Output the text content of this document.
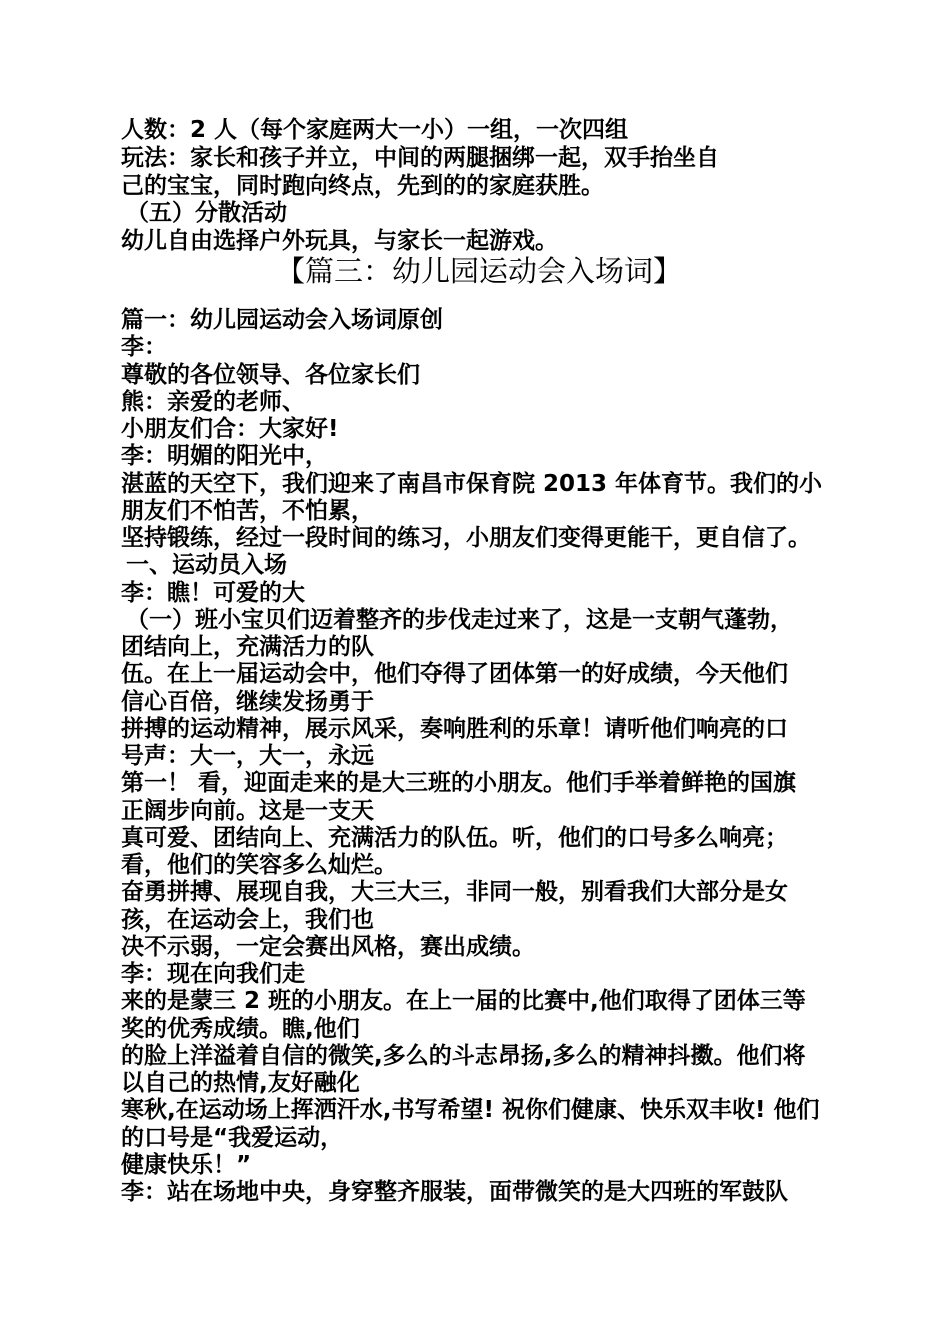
人数：2 人（每个家庭两大一小）一组，一次四组
玩法：家长和孩子并立，中间的两腿捆绑一起，双手抬坐自
己的宝宝，同时跑向终点，先到的的家庭获胜。
（五）分散活动
幼儿自由选择户外玩具，与家长一起游戏。
【篇三：幼儿园运动会入场词】
篇一：幼儿园运动会入场词原创
李：
尊敬的各位领导、各位家长们
熊：亲爱的老师、
小朋友们合：大家好!
李：明媚的阳光中，
湛蓝的天空下，我们迎来了南昌市保育院 2013 年体育节。我们的小
朋友们不怕苦，不怕累，
坚持锻练，经过一段时间的练习，小朋友们变得更能干，更自信了。
一、运动员入场
李：瞧！可爱的大
（一）班小宝贝们迈着整齐的步伐走过来了，这是一支朝气蓬勃，
团结向上，充满活力的队
伍。在上一届运动会中，他们夺得了团体第一的好成绩，今天他们
信心百倍，继续发扬勇于
拼搏的运动精神，展示风采，奏响胜利的乐章！请听他们响亮的口
号声：大一，大一，永远
第一！ 看，迎面走来的是大三班的小朋友。他们手举着鲜艳的国旗
正阔步向前。这是一支天
真可爱、团结向上、充满活力的队伍。听，他们的口号多么响亮；
看，他们的笑容多么灿烂。
奋勇拼搏、展现自我，大三大三，非同一般，别看我们大部分是女
孩，在运动会上，我们也
决不示弱，一定会赛出风格，赛出成绩。
李：现在向我们走
来的是蒙三 2 班的小朋友。在上一届的比赛中,他们取得了团体三等
奖的优秀成绩。瞧,他们
的脸上洋溢着自信的微笑,多么的斗志昂扬,多么的精神抖擞。他们将
以自己的热情,友好融化
寒秋,在运动场上挥洒汗水,书写希望! 祝你们健康、快乐双丰收! 他们
的口号是“我爱运动，
健康快乐！”
李：站在场地中央，身穿整齐服装，面带微笑的是大四班的军鼓队
